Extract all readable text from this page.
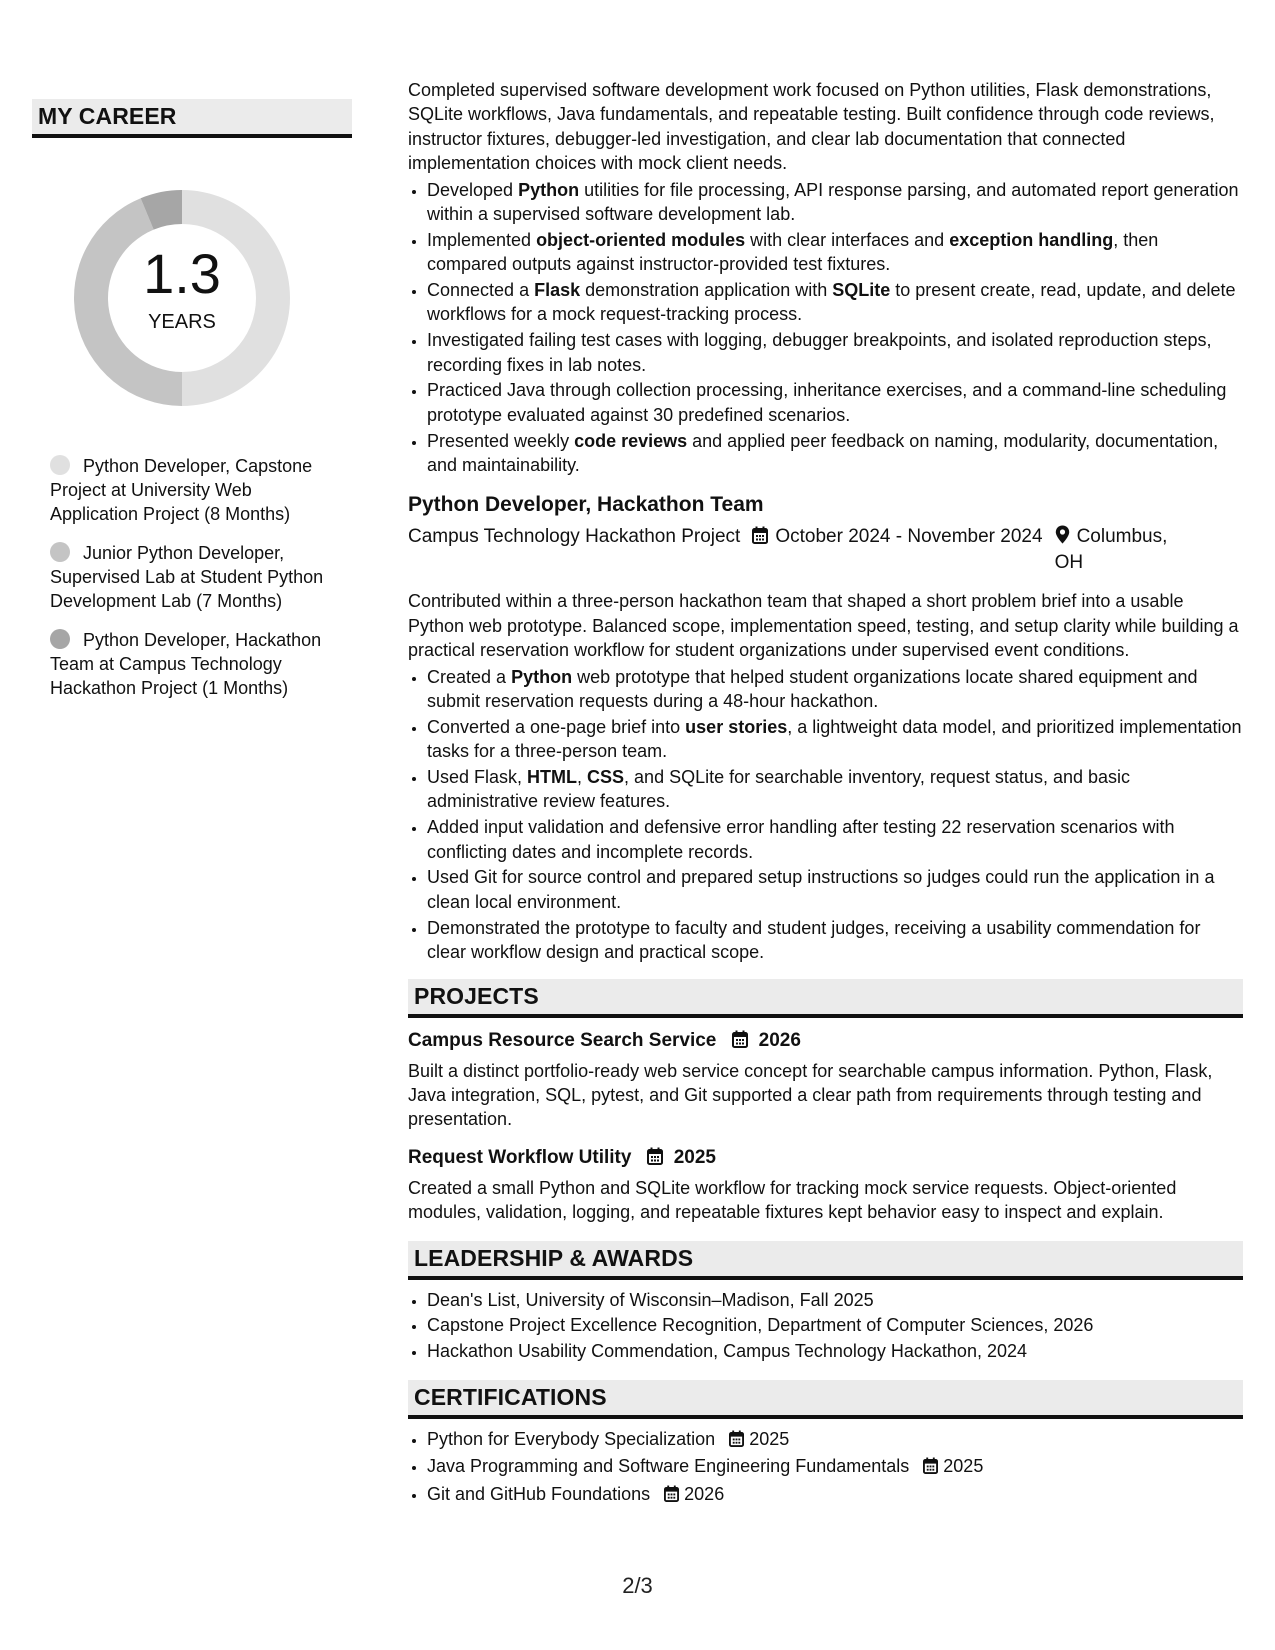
MY CAREER
1.3
YEARS
Python Developer, Capstone Project at University Web Application Project (8 Months)
Junior Python Developer, Supervised Lab at Student Python Development Lab (7 Months)
Python Developer, Hackathon Team at Campus Technology Hackathon Project (1 Months)

Completed supervised software development work focused on Python utilities, Flask demonstrations, SQLite workflows, Java fundamentals, and repeatable testing. Built confidence through code reviews, instructor fixtures, debugger-led investigation, and clear lab documentation that connected implementation choices with mock client needs.

• Developed Python utilities for file processing, API response parsing, and automated report generation within a supervised software development lab.
• Implemented object-oriented modules with clear interfaces and exception handling, then compared outputs against instructor-provided test fixtures.
• Connected a Flask demonstration application with SQLite to present create, read, update, and delete workflows for a mock request-tracking process.
• Investigated failing test cases with logging, debugger breakpoints, and isolated reproduction steps, recording fixes in lab notes.
• Practiced Java through collection processing, inheritance exercises, and a command-line scheduling prototype evaluated against 30 predefined scenarios.
• Presented weekly code reviews and applied peer feedback on naming, modularity, documentation, and maintainability.
Python Developer, Hackathon Team
Campus Technology Hackathon Project	October 2024 - November 2024	Columbus, OH

Contributed within a three-person hackathon team that shaped a short problem brief into a usable Python web prototype. Balanced scope, implementation speed, testing, and setup clarity while building a practical reservation workflow for student organizations under supervised event conditions.

• Created a Python web prototype that helped student organizations locate shared equipment and submit reservation requests during a 48-hour hackathon.
• Converted a one-page brief into user stories, a lightweight data model, and prioritized implementation tasks for a three-person team.
• Used Flask, HTML, CSS, and SQLite for searchable inventory, request status, and basic administrative review features.
• Added input validation and defensive error handling after testing 22 reservation scenarios with conflicting dates and incomplete records.
• Used Git for source control and prepared setup instructions so judges could run the application in a clean local environment.
• Demonstrated the prototype to faculty and student judges, receiving a usability commendation for clear workflow design and practical scope.
PROJECTS
Campus Resource Search Service 2026

Built a distinct portfolio-ready web service concept for searchable campus information. Python, Flask, Java integration, SQL, pytest, and Git supported a clear path from requirements through testing and presentation.

Request Workflow Utility 2025

Created a small Python and SQLite workflow for tracking mock service requests. Object-oriented modules, validation, logging, and repeatable fixtures kept behavior easy to inspect and explain.

LEADERSHIP & AWARDS
• Dean's List, University of Wisconsin–Madison, Fall 2025
• Capstone Project Excellence Recognition, Department of Computer Sciences, 2026
• Hackathon Usability Commendation, Campus Technology Hackathon, 2024
CERTIFICATIONS
• Python for Everybody Specialization 2025
• Java Programming and Software Engineering Fundamentals 2025
• Git and GitHub Foundations 2026
2/3
